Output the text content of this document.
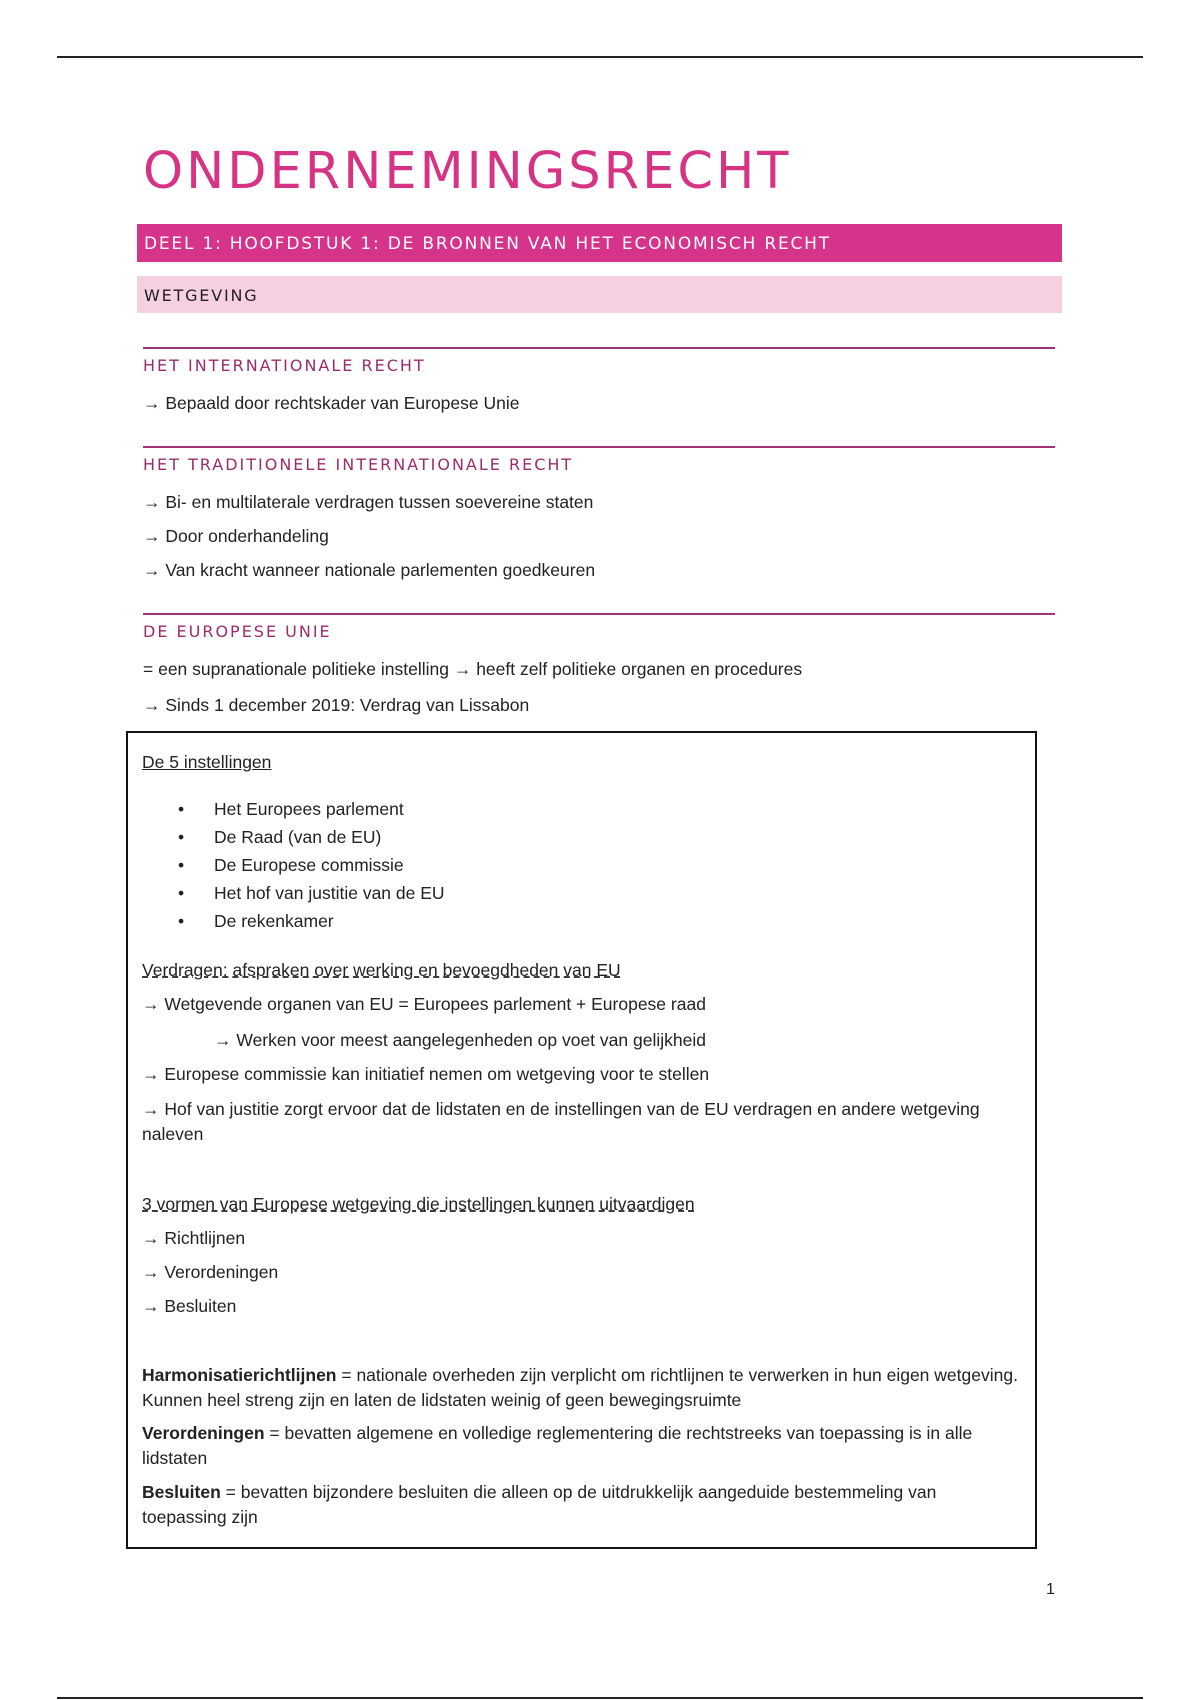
ONDERNEMINGSRECHT
DEEL 1: HOOFDSTUK 1: DE BRONNEN VAN HET ECONOMISCH RECHT
WETGEVING
HET INTERNATIONALE RECHT
→ Bepaald door rechtskader van Europese Unie
HET TRADITIONELE INTERNATIONALE RECHT
→ Bi- en multilaterale verdragen tussen soevereine staten
→ Door onderhandeling
→ Van kracht wanneer nationale parlementen goedkeuren
DE EUROPESE UNIE
= een supranationale politieke instelling → heeft zelf politieke organen en procedures
→ Sinds 1 december 2019: Verdrag van Lissabon
De 5 instellingen
• Het Europees parlement
• De Raad (van de EU)
• De Europese commissie
• Het hof van justitie van de EU
• De rekenkamer
Verdragen: afspraken over werking en bevoegdheden van EU
→ Wetgevende organen van EU = Europees parlement + Europese raad
→ Werken voor meest aangelegenheden op voet van gelijkheid
→ Europese commissie kan initiatief nemen om wetgeving voor te stellen
→ Hof van justitie zorgt ervoor dat de lidstaten en de instellingen van de EU verdragen en andere wetgeving naleven
3 vormen van Europese wetgeving die instellingen kunnen uitvaardigen
→ Richtlijnen
→ Verordeningen
→ Besluiten
Harmonisatierichtlijnen = nationale overheden zijn verplicht om richtlijnen te verwerken in hun eigen wetgeving. Kunnen heel streng zijn en laten de lidstaten weinig of geen bewegingsruimte
Verordeningen = bevatten algemene en volledige reglementering die rechtstreeks van toepassing is in alle lidstaten
Besluiten = bevatten bijzondere besluiten die alleen op de uitdrukkelijk aangeduide bestemmeling van toepassing zijn
1
